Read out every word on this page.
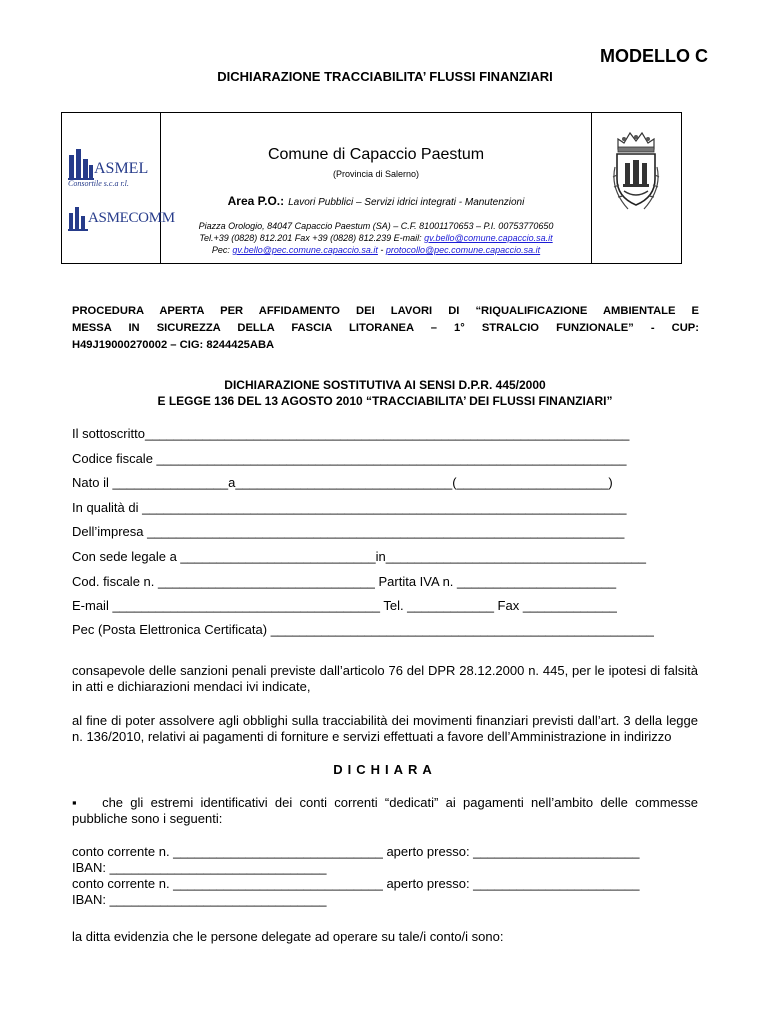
MODELLO C
DICHIARAZIONE TRACCIABILITA’ FLUSSI FINANZIARI
ASMEL
Consortile s.c.a r.l.
ASMECOMM
Comune di Capaccio Paestum
(Provincia di Salerno)
Area P.O.: Lavori Pubblici – Servizi idrici integrati - Manutenzioni
Piazza Orologio, 84047 Capaccio Paestum (SA) – C.F. 81001170653 – P.I. 00753770650
Tel.+39 (0828) 812.201 Fax +39 (0828) 812.239 E-mail: gv.bello@comune.capaccio.sa.it
Pec: gv.bello@pec.comune.capaccio.sa.it - protocollo@pec.comune.capaccio.sa.it
PROCEDURA APERTA PER AFFIDAMENTO DEI LAVORI DI “RIQUALIFICAZIONE AMBIENTALE E
MESSA IN SICUREZZA DELLA FASCIA LITORANEA – 1° STRALCIO FUNZIONALE” - CUP:
H49J19000270002 – CIG: 8244425ABA
DICHIARAZIONE SOSTITUTIVA AI SENSI D.P.R. 445/2000
E LEGGE 136 DEL 13 AGOSTO 2010 “TRACCIABILITA’ DEI FLUSSI FINANZIARI”
Il sottoscritto___________________________________________________________________
Codice fiscale _________________________________________________________________
Nato il ________________a______________________________(_____________________)
In qualità di ___________________________________________________________________
Dell’impresa __________________________________________________________________
Con sede legale a ___________________________in____________________________________
Cod. fiscale n. ______________________________ Partita IVA n. ______________________
E-mail _____________________________________ Tel. ____________ Fax _____________
Pec (Posta Elettronica Certificata) _____________________________________________________
consapevole delle sanzioni penali previste dall’articolo 76 del DPR 28.12.2000 n. 445, per le ipotesi di falsità in atti e dichiarazioni mendaci ivi indicate,
al fine di poter assolvere agli obblighi sulla tracciabilità dei movimenti finanziari previsti dall’art. 3 della legge n. 136/2010, relativi ai pagamenti di forniture e servizi effettuati a favore dell’Amministrazione in indirizzo
DICHIARA
▪ che gli estremi identificativi dei conti correnti “dedicati” ai pagamenti nell’ambito delle commesse pubbliche sono i seguenti:
conto corrente n. _____________________________ aperto presso: _______________________
IBAN: ______________________________
conto corrente n. _____________________________ aperto presso: _______________________
IBAN: ______________________________
la ditta evidenzia che le persone delegate ad operare su tale/i conto/i sono:
